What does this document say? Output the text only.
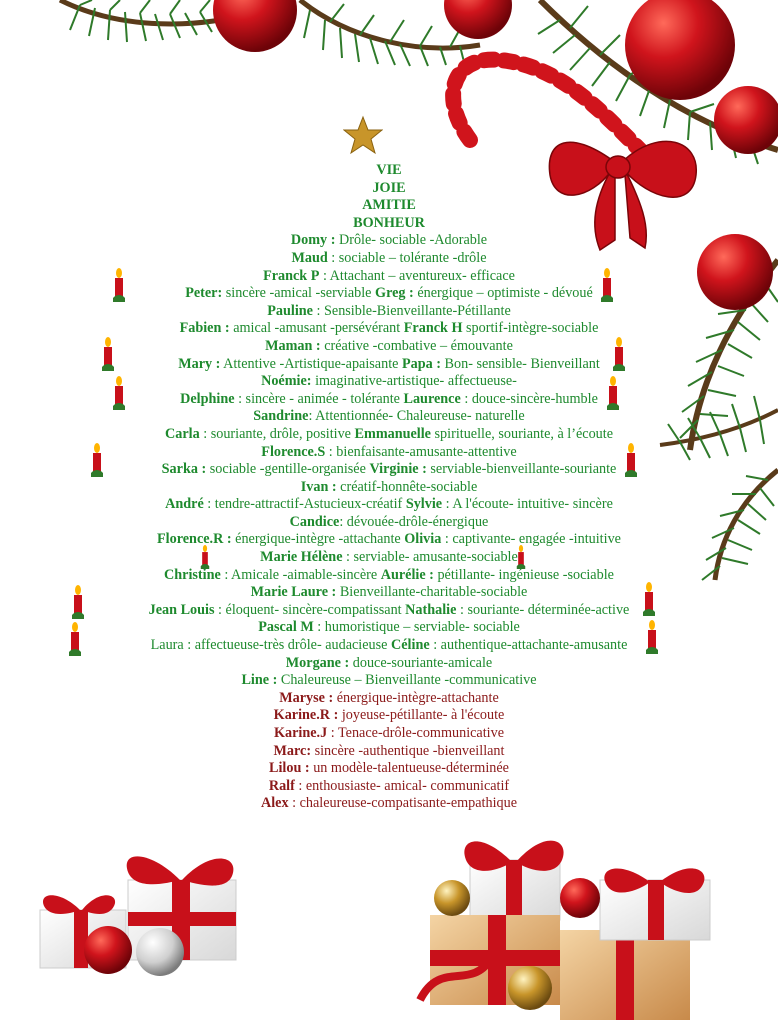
VIE
JOIE
AMITIE
BONHEUR
Domy : Drôle- sociable -Adorable
Maud : sociable – tolérante -drôle
Franck P : Attachant – aventureux- efficace
Peter: sincère -amical -serviable Greg : énergique – optimiste - dévoué
Pauline : Sensible-Bienveillante-Pétillante
Fabien : amical -amusant -persévérant Franck H sportif-intègre-sociable
Maman : créative -combative – émouvante
Mary : Attentive -Artistique-apaisante Papa : Bon- sensible- Bienveillant
Noémie: imaginative-artistique- affectueuse-
Delphine : sincère - animée - tolérante Laurence : douce-sincère-humble
Sandrine: Attentionnée- Chaleureuse- naturelle
Carla : souriante, drôle, positive Emmanuelle spirituelle, souriante, à l’écoute
Florence.S : bienfaisante-amusante-attentive
Sarka : sociable -gentille-organisée Virginie : serviable-bienveillante-souriante
Ivan : créatif-honnête-sociable
André : tendre-attractif-Astucieux-créatif Sylvie : A l'écoute- intuitive- sincère
Candice: dévouée-drôle-énergique
Florence.R : énergique-intègre -attachante Olivia : captivante- engagée -intuitive
Marie Hélène : serviable- amusante-sociable
Christine : Amicale -aimable-sincère Aurélie : pétillante- ingénieuse -sociable
Marie Laure : Bienveillante-charitable-sociable
Jean Louis : éloquent- sincère-compatissant Nathalie : souriante- déterminée-active
Pascal M : humoristique – serviable- sociable
Laura : affectueuse-très drôle- audacieuse Céline : authentique-attachante-amusante
Morgane : douce-souriante-amicale
Line : Chaleureuse – Bienveillante -communicative
Maryse : énergique-intègre-attachante
Karine.R : joyeuse-pétillante- à l'écoute
Karine.J : Tenace-drôle-communicative
Marc: sincère -authentique -bienveillant
Lilou : un modèle-talentueuse-déterminée
Ralf : enthousiaste- amical- communicatif
Alex : chaleureuse-compatisante-empathique
